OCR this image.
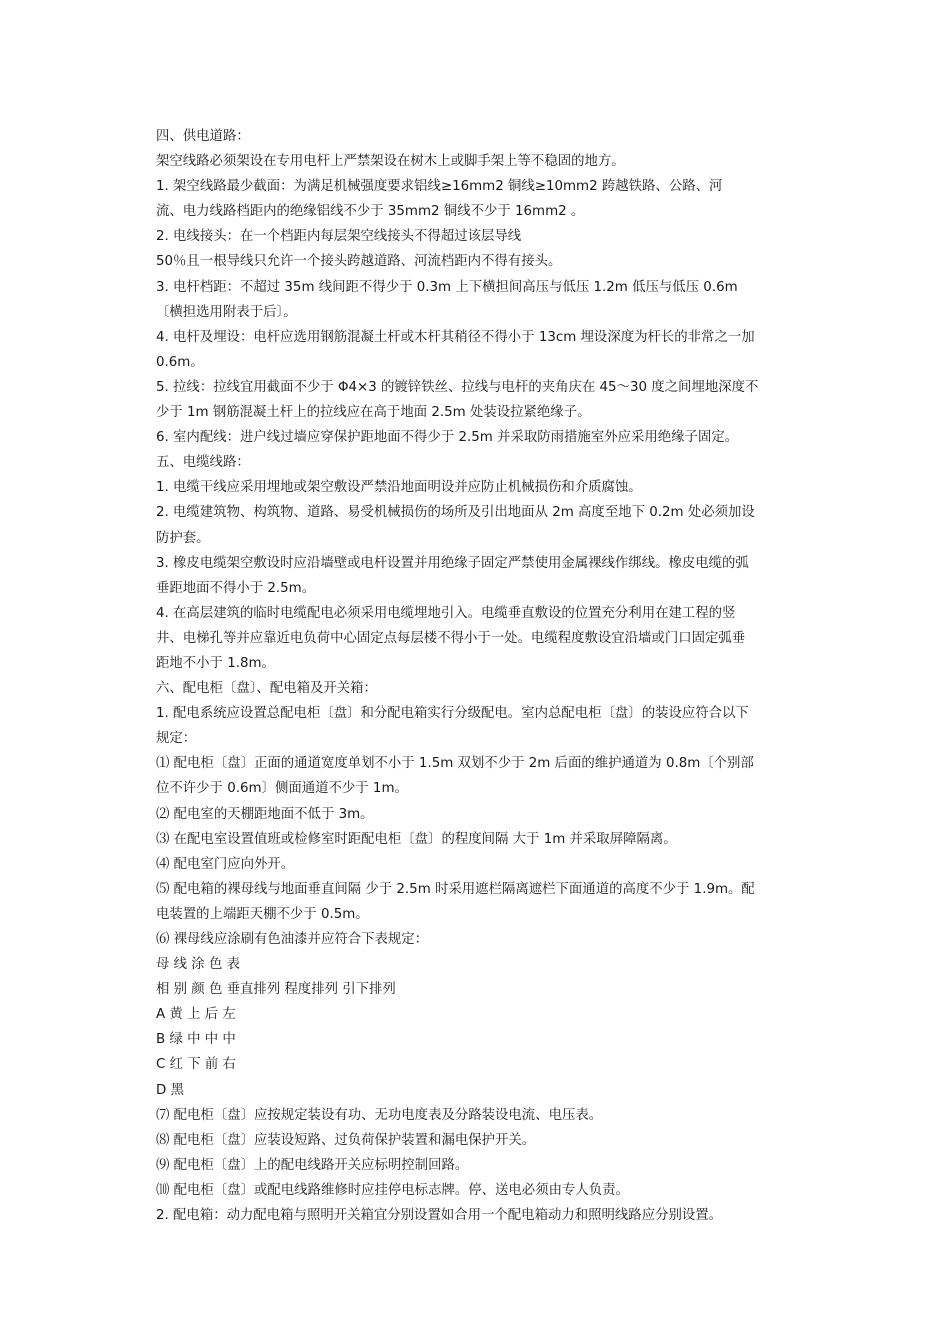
四、供电道路：
架空线路必须架设在专用电杆上严禁架设在树木上或脚手架上等不稳固的地方。
1. 架空线路最少截面：为满足机械强度要求铝线≥16mm2 铜线≥10mm2 跨越铁路、公路、河
流、电力线路档距内的绝缘铝线不少于 35mm2 铜线不少于 16mm2 。
2. 电线接头：在一个档距内每层架空线接头不得超过该层导线
50％且一根导线只允许一个接头跨越道路、河流档距内不得有接头。
3. 电杆档距：不超过 35m 线间距不得少于 0.3m 上下横担间高压与低压 1.2m 低压与低压 0.6m
〔横担选用附表于后〕。
4. 电杆及埋设：电杆应选用钢筋混凝土杆或木杆其稍径不得小于 13cm 埋设深度为杆长的非常之一加
0.6m。
5. 拉线：拉线宜用截面不少于 Φ4×3 的镀锌铁丝、拉线与电杆的夹角庆在 45～30 度之间埋地深度不
少于 1m 钢筋混凝土杆上的拉线应在高于地面 2.5m 处装设拉紧绝缘子。
6. 室内配线：进户线过墙应穿保护距地面不得少于 2.5m 并采取防雨措施室外应采用绝缘子固定。
五、电缆线路：
1. 电缆干线应采用埋地或架空敷设严禁沿地面明设并应防止机械损伤和介质腐蚀。
2. 电缆建筑物、构筑物、道路、易受机械损伤的场所及引出地面从 2m 高度至地下 0.2m 处必须加设
防护套。
3. 橡皮电缆架空敷设时应沿墙壁或电杆设置并用绝缘子固定严禁使用金属裸线作绑线。橡皮电缆的弧
垂距地面不得小于 2.5m。
4. 在高层建筑的临时电缆配电必须采用电缆埋地引入。电缆垂直敷设的位置充分利用在建工程的竖
井、电梯孔等并应靠近电负荷中心固定点每层楼不得小于一处。电缆程度敷设宜沿墙或门口固定弧垂
距地不小于 1.8m。
六、配电柜〔盘〕、配电箱及开关箱：
1. 配电系统应设置总配电柜〔盘〕和分配电箱实行分级配电。室内总配电柜〔盘〕的装设应符合以下
规定：
⑴ 配电柜〔盘〕正面的通道宽度单划不小于 1.5m 双划不少于 2m 后面的维护通道为 0.8m〔个别部
位不许少于 0.6m〕侧面通道不少于 1m。
⑵ 配电室的天棚距地面不低于 3m。
⑶ 在配电室设置值班或检修室时距配电柜〔盘〕的程度间隔 大于 1m 并采取屏障隔离。
⑷ 配电室门应向外开。
⑸ 配电箱的裸母线与地面垂直间隔 少于 2.5m 时采用遮栏隔离遮栏下面通道的高度不少于 1.9m。配
电装置的上端距天棚不少于 0.5m。
⑹ 裸母线应涂刷有色油漆并应符合下表规定：
母 线 涂 色 表
相 别 颜 色 垂直排列 程度排列 引下排列
A 黄 上 后 左
B 绿 中 中 中
C 红 下 前 右
D 黑
⑺ 配电柜〔盘〕应按规定装设有功、无功电度表及分路装设电流、电压表。
⑻ 配电柜〔盘〕应装设短路、过负荷保护装置和漏电保护开关。
⑼ 配电柜〔盘〕上的配电线路开关应标明控制回路。
⑽ 配电柜〔盘〕或配电线路维修时应挂停电标志牌。停、送电必须由专人负责。
2. 配电箱：动力配电箱与照明开关箱宜分别设置如合用一个配电箱动力和照明线路应分别设置。
